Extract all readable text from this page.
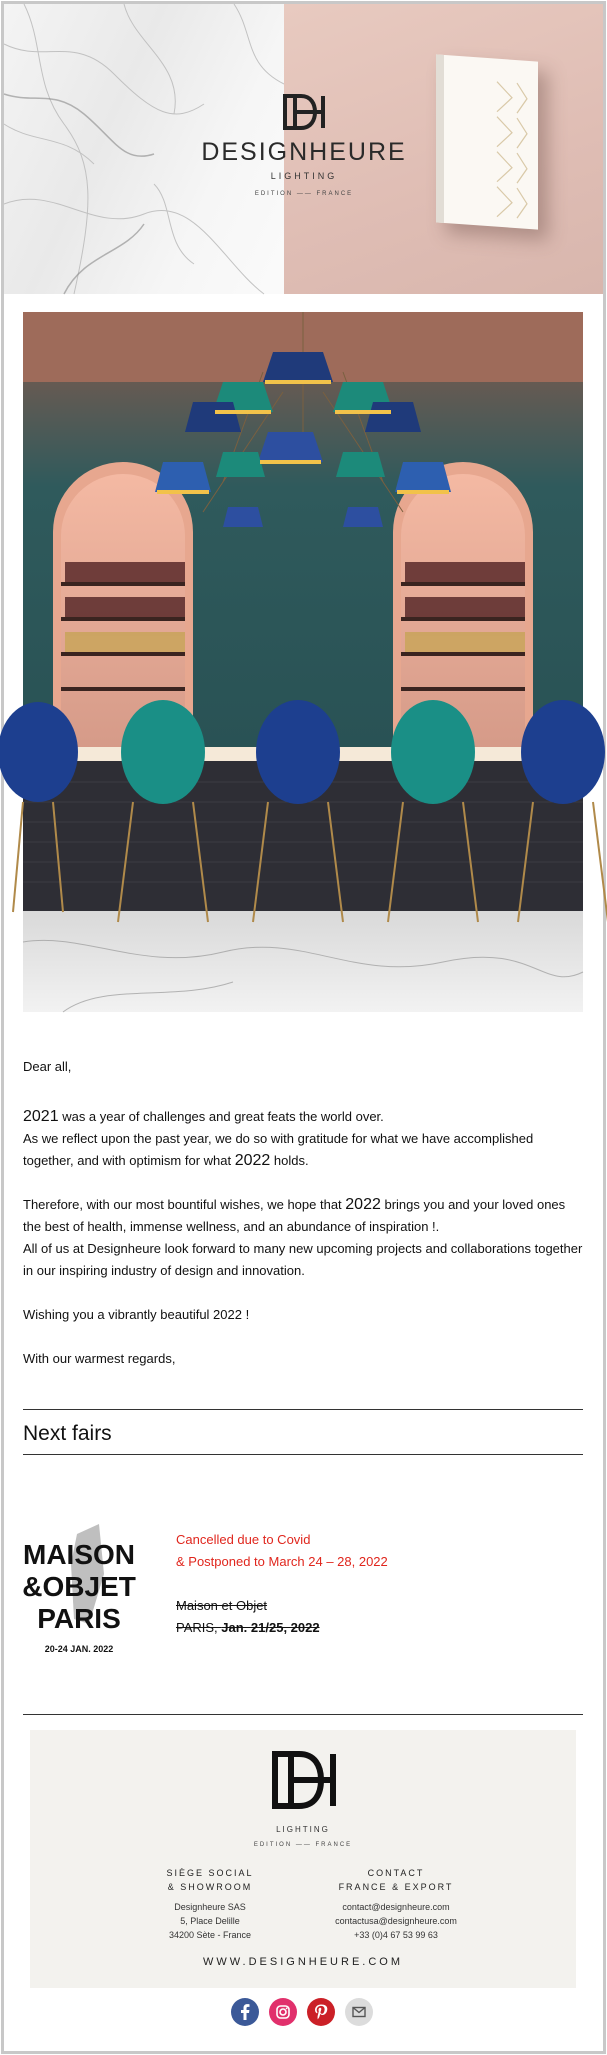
DESIGNHEURE
LIGHTING
EDITION —— FRANCE

Dear all,

2021 was a year of challenges and great feats the world over.
As we reflect upon the past year, we do so with gratitude for what we have accomplished together, and with optimism for what 2022 holds.

Therefore, with our most bountiful wishes, we hope that 2022 brings you and your loved ones the best of health, immense wellness, and an abundance of inspiration !.
All of us at Designheure look forward to many new upcoming projects and collaborations together in our inspiring industry of design and innovation.

Wishing you a vibrantly beautiful 2022 !

With our warmest regards,

Next fairs
MAISON
&OBJET
PARIS
20-24 JAN. 2022
Cancelled due to Covid
& Postponed to March 24 – 28, 2022
Maison et Objet
PARIS, Jan. 21/25, 2022
LIGHTING
EDITION —— FRANCE
SIÈGE SOCIAL
& SHOWROOM
Designheure SAS
5, Place Delille
34200 Sète - France
CONTACT
FRANCE & EXPORT
contact@designheure.com
contactusa@designheure.com
+33 (0)4 67 53 99 63
WWW.DESIGNHEURE.COM
